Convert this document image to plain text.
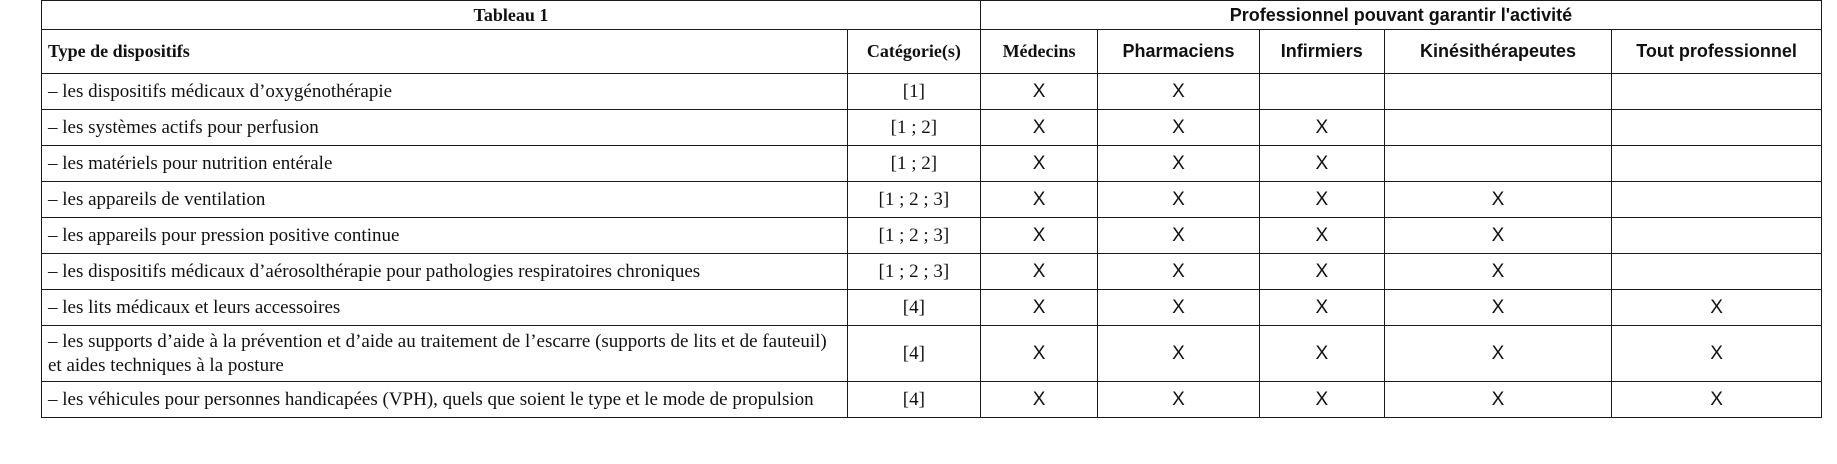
Tableau 1		Professionnel pouvant garantir l'activité				
Type de dispositifs	Catégorie(s)	Médecins	Pharmaciens	Infirmiers	Kinésithérapeutes	Tout professionnel
– les dispositifs médicaux d’oxygénothérapie	[1]	X	X			
– les systèmes actifs pour perfusion	[1 ; 2]	X	X	X		
– les matériels pour nutrition entérale	[1 ; 2]	X	X	X		
– les appareils de ventilation	[1 ; 2 ; 3]	X	X	X	X	
– les appareils pour pression positive continue	[1 ; 2 ; 3]	X	X	X	X	
– les dispositifs médicaux d’aérosolthérapie pour pathologies respiratoires chroniques	[1 ; 2 ; 3]	X	X	X	X	
– les lits médicaux et leurs accessoires	[4]	X	X	X	X	X
– les supports d’aide à la prévention et d’aide au traitement de l’escarre (supports de lits et de fauteuil) et aides techniques à la posture	[4]	X	X	X	X	X
– les véhicules pour personnes handicapées (VPH), quels que soient le type et le mode de propulsion	[4]	X	X	X	X	X
